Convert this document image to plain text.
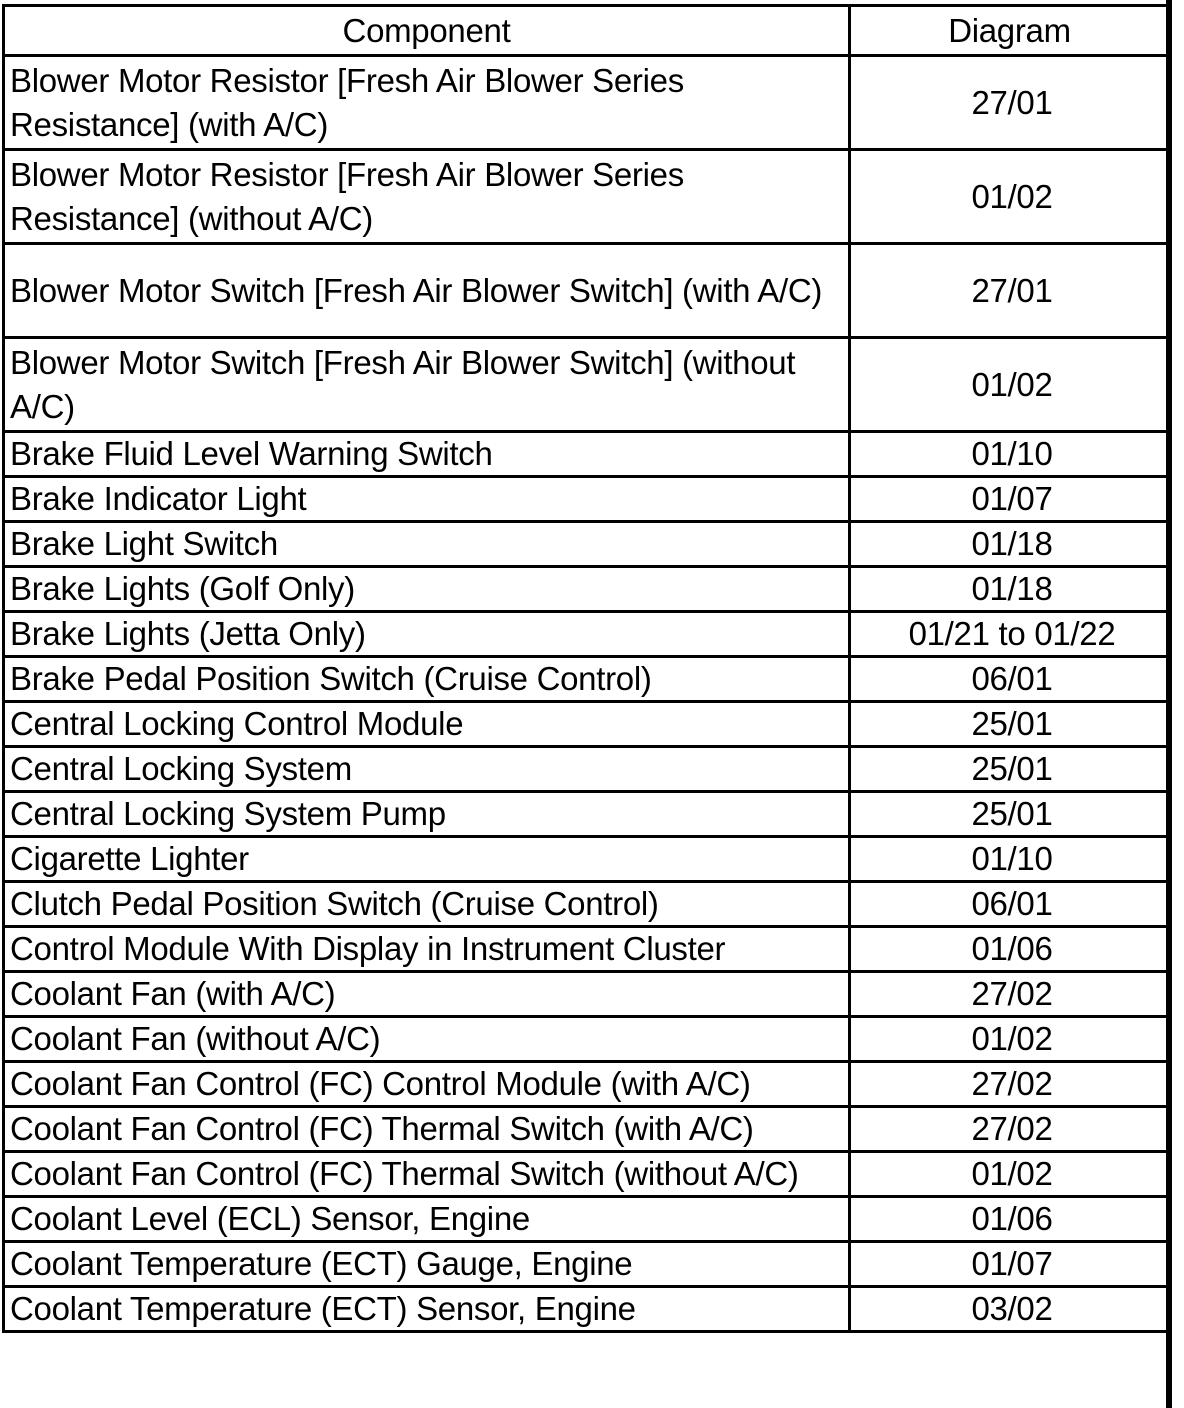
Component	Diagram
Blower Motor Resistor [Fresh Air Blower Series Resistance] (with A/C)	27/01
Blower Motor Resistor [Fresh Air Blower Series Resistance] (without A/C)	01/02
Blower Motor Switch [Fresh Air Blower Switch] (with A/C)	27/01
Blower Motor Switch [Fresh Air Blower Switch] (without A/C)	01/02
Brake Fluid Level Warning Switch	01/10
Brake Indicator Light	01/07
Brake Light Switch	01/18
Brake Lights (Golf Only)	01/18
Brake Lights (Jetta Only)	01/21 to 01/22
Brake Pedal Position Switch (Cruise Control)	06/01
Central Locking Control Module	25/01
Central Locking System	25/01
Central Locking System Pump	25/01
Cigarette Lighter	01/10
Clutch Pedal Position Switch (Cruise Control)	06/01
Control Module With Display in Instrument Cluster	01/06
Coolant Fan (with A/C)	27/02
Coolant Fan (without A/C)	01/02
Coolant Fan Control (FC) Control Module (with A/C)	27/02
Coolant Fan Control (FC) Thermal Switch (with A/C)	27/02
Coolant Fan Control (FC) Thermal Switch (without A/C)	01/02
Coolant Level (ECL) Sensor, Engine	01/06
Coolant Temperature (ECT) Gauge, Engine	01/07
Coolant Temperature (ECT) Sensor, Engine	03/02
